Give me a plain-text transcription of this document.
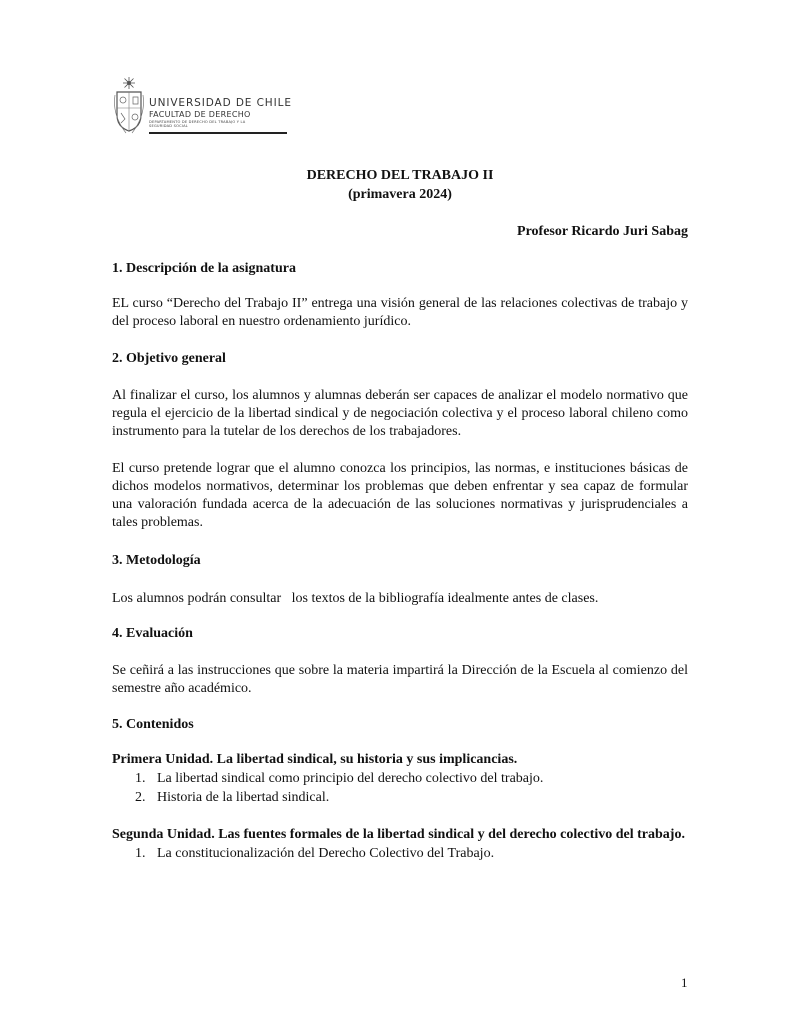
UNIVERSIDAD DE CHILE
FACULTAD DE DERECHO
DEPARTAMENTO DE DERECHO DEL TRABAJO Y LA SEGURIDAD SOCIAL
DERECHO DEL TRABAJO II
(primavera 2024)
Profesor Ricardo Juri Sabag
1. Descripción de la asignatura
EL curso “Derecho del Trabajo II” entrega una visión general de las relaciones colectivas de trabajo y del proceso laboral en nuestro ordenamiento jurídico.
2. Objetivo general
Al finalizar el curso, los alumnos y alumnas deberán ser capaces de analizar el modelo normativo que regula el ejercicio de la libertad sindical y de negociación colectiva y el proceso laboral chileno como instrumento para la tutelar de los derechos de los trabajadores.
El curso pretende lograr que el alumno conozca los principios, las normas, e instituciones básicas de dichos modelos normativos, determinar los problemas que deben enfrentar y sea capaz de formular una valoración fundada acerca de la adecuación de las soluciones normativas y jurisprudenciales a tales problemas.
3. Metodología
Los alumnos podrán consultar   los textos de la bibliografía idealmente antes de clases.
4. Evaluación
Se ceñirá a las instrucciones que sobre la materia impartirá la Dirección de la Escuela al comienzo del semestre año académico.
5. Contenidos
Primera Unidad. La libertad sindical, su historia y sus implicancias.
1. La libertad sindical como principio del derecho colectivo del trabajo.
2. Historia de la libertad sindical.
Segunda Unidad. Las fuentes formales de la libertad sindical y del derecho colectivo del trabajo.
1. La constitucionalización del Derecho Colectivo del Trabajo.
1
